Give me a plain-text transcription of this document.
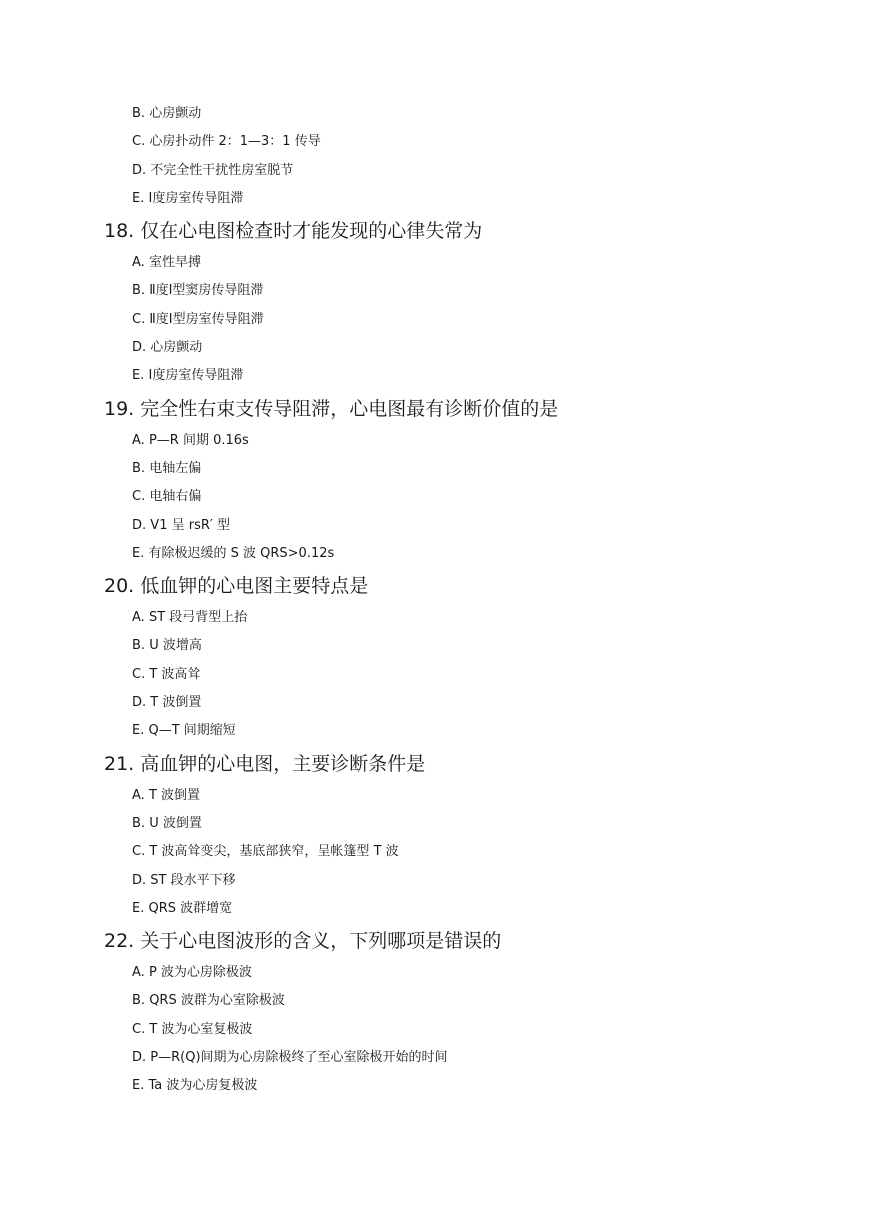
B. 心房颤动
C. 心房扑动件 2：1—3：1 传导
D. 不完全性干扰性房室脱节
E. Ⅰ度房室传导阻滞
18. 仅在心电图检查时才能发现的心律失常为
A. 室性早搏
B. Ⅱ度Ⅰ型窦房传导阻滞
C. Ⅱ度Ⅰ型房室传导阻滞
D. 心房颤动
E. Ⅰ度房室传导阻滞
19. 完全性右束支传导阻滞，心电图最有诊断价值的是
A. P—R 间期 0.16s
B. 电轴左偏
C. 电轴右偏
D. V1 呈 rsR′ 型
E. 有除极迟缓的 S 波 QRS>0.12s
20. 低血钾的心电图主要特点是
A. ST 段弓背型上抬
B. U 波增高
C. T 波高耸
D. T 波倒置
E. Q—T 间期缩短
21. 高血钾的心电图，主要诊断条件是
A. T 波倒置
B. U 波倒置
C. T 波高耸变尖，基底部狭窄，呈帐篷型 T 波
D. ST 段水平下移
E. QRS 波群增宽
22. 关于心电图波形的含义，下列哪项是错误的
A. P 波为心房除极波
B. QRS 波群为心室除极波
C. T 波为心室复极波
D. P—R(Q)间期为心房除极终了至心室除极开始的时间
E. Ta 波为心房复极波
